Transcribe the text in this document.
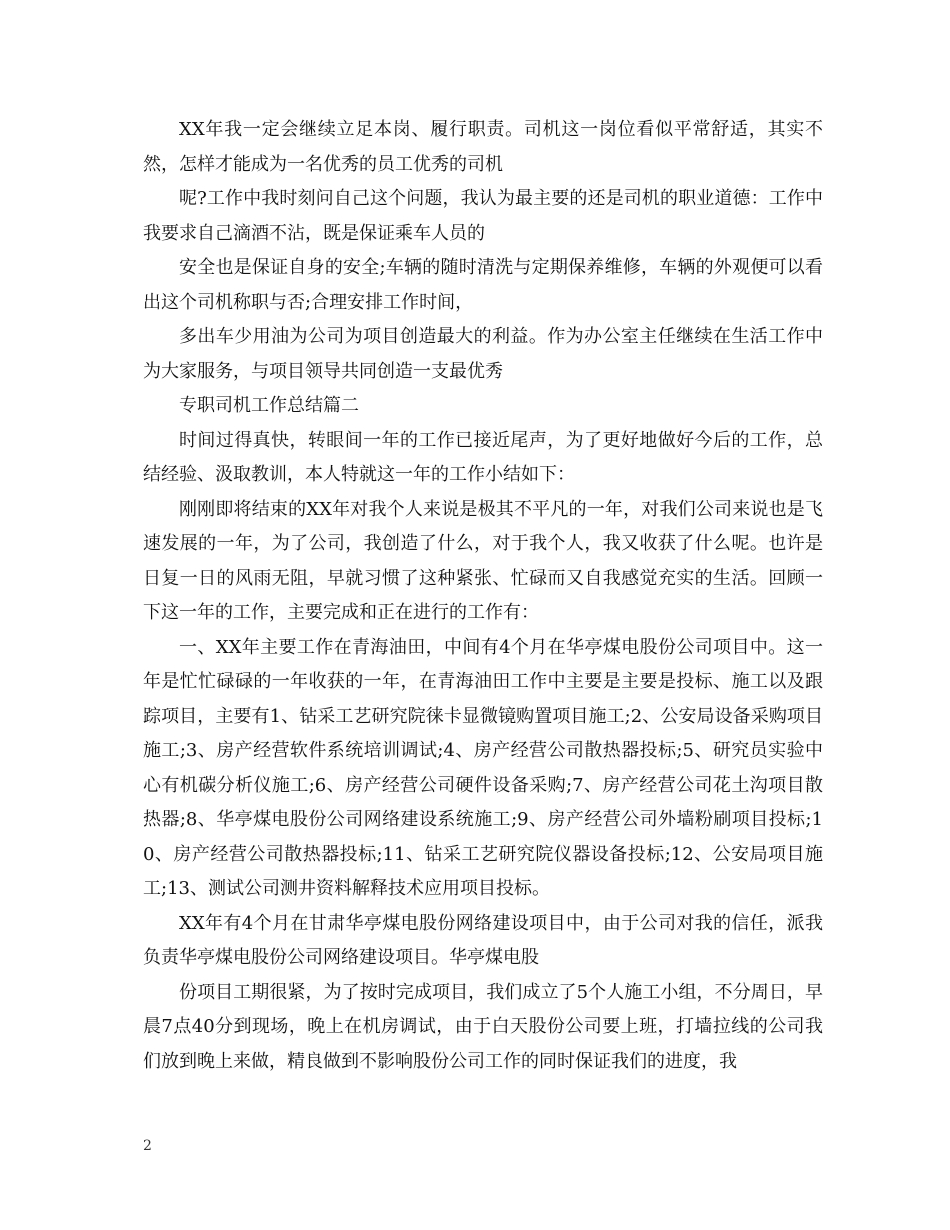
XX年我一定会继续立足本岗、履行职责。司机这一岗位看似平常舒适，其实不然，怎样才能成为一名优秀的员工优秀的司机

呢?工作中我时刻问自己这个问题，我认为最主要的还是司机的职业道德：工作中我要求自己滴酒不沾，既是保证乘车人员的

安全也是保证自身的安全;车辆的随时清洗与定期保养维修，车辆的外观便可以看出这个司机称职与否;合理安排工作时间，

多出车少用油为公司为项目创造最大的利益。作为办公室主任继续在生活工作中为大家服务，与项目领导共同创造一支最优秀

专职司机工作总结篇二

时间过得真快，转眼间一年的工作已接近尾声，为了更好地做好今后的工作，总结经验、汲取教训，本人特就这一年的工作小结如下：

刚刚即将结束的XX年对我个人来说是极其不平凡的一年，对我们公司来说也是飞速发展的一年，为了公司，我创造了什么，对于我个人，我又收获了什么呢。也许是日复一日的风雨无阻，早就习惯了这种紧张、忙碌而又自我感觉充实的生活。回顾一下这一年的工作，主要完成和正在进行的工作有：

一、XX年主要工作在青海油田，中间有4个月在华亭煤电股份公司项目中。这一年是忙忙碌碌的一年收获的一年，在青海油田工作中主要是主要是投标、施工以及跟踪项目，主要有1、钻采工艺研究院徕卡显微镜购置项目施工;2、公安局设备采购项目施工;3、房产经营软件系统培训调试;4、房产经营公司散热器投标;5、研究员实验中心有机碳分析仪施工;6、房产经营公司硬件设备采购;7、房产经营公司花土沟项目散热器;8、华亭煤电股份公司网络建设系统施工;9、房产经营公司外墙粉刷项目投标;10、房产经营公司散热器投标;11、钻采工艺研究院仪器设备投标;12、公安局项目施工;13、测试公司测井资料解释技术应用项目投标。

XX年有4个月在甘肃华亭煤电股份网络建设项目中，由于公司对我的信任，派我负责华亭煤电股份公司网络建设项目。华亭煤电股

份项目工期很紧，为了按时完成项目，我们成立了5个人施工小组，不分周日，早晨7点40分到现场，晚上在机房调试，由于白天股份公司要上班，打墙拉线的公司我们放到晚上来做，精良做到不影响股份公司工作的同时保证我们的进度，我

2
